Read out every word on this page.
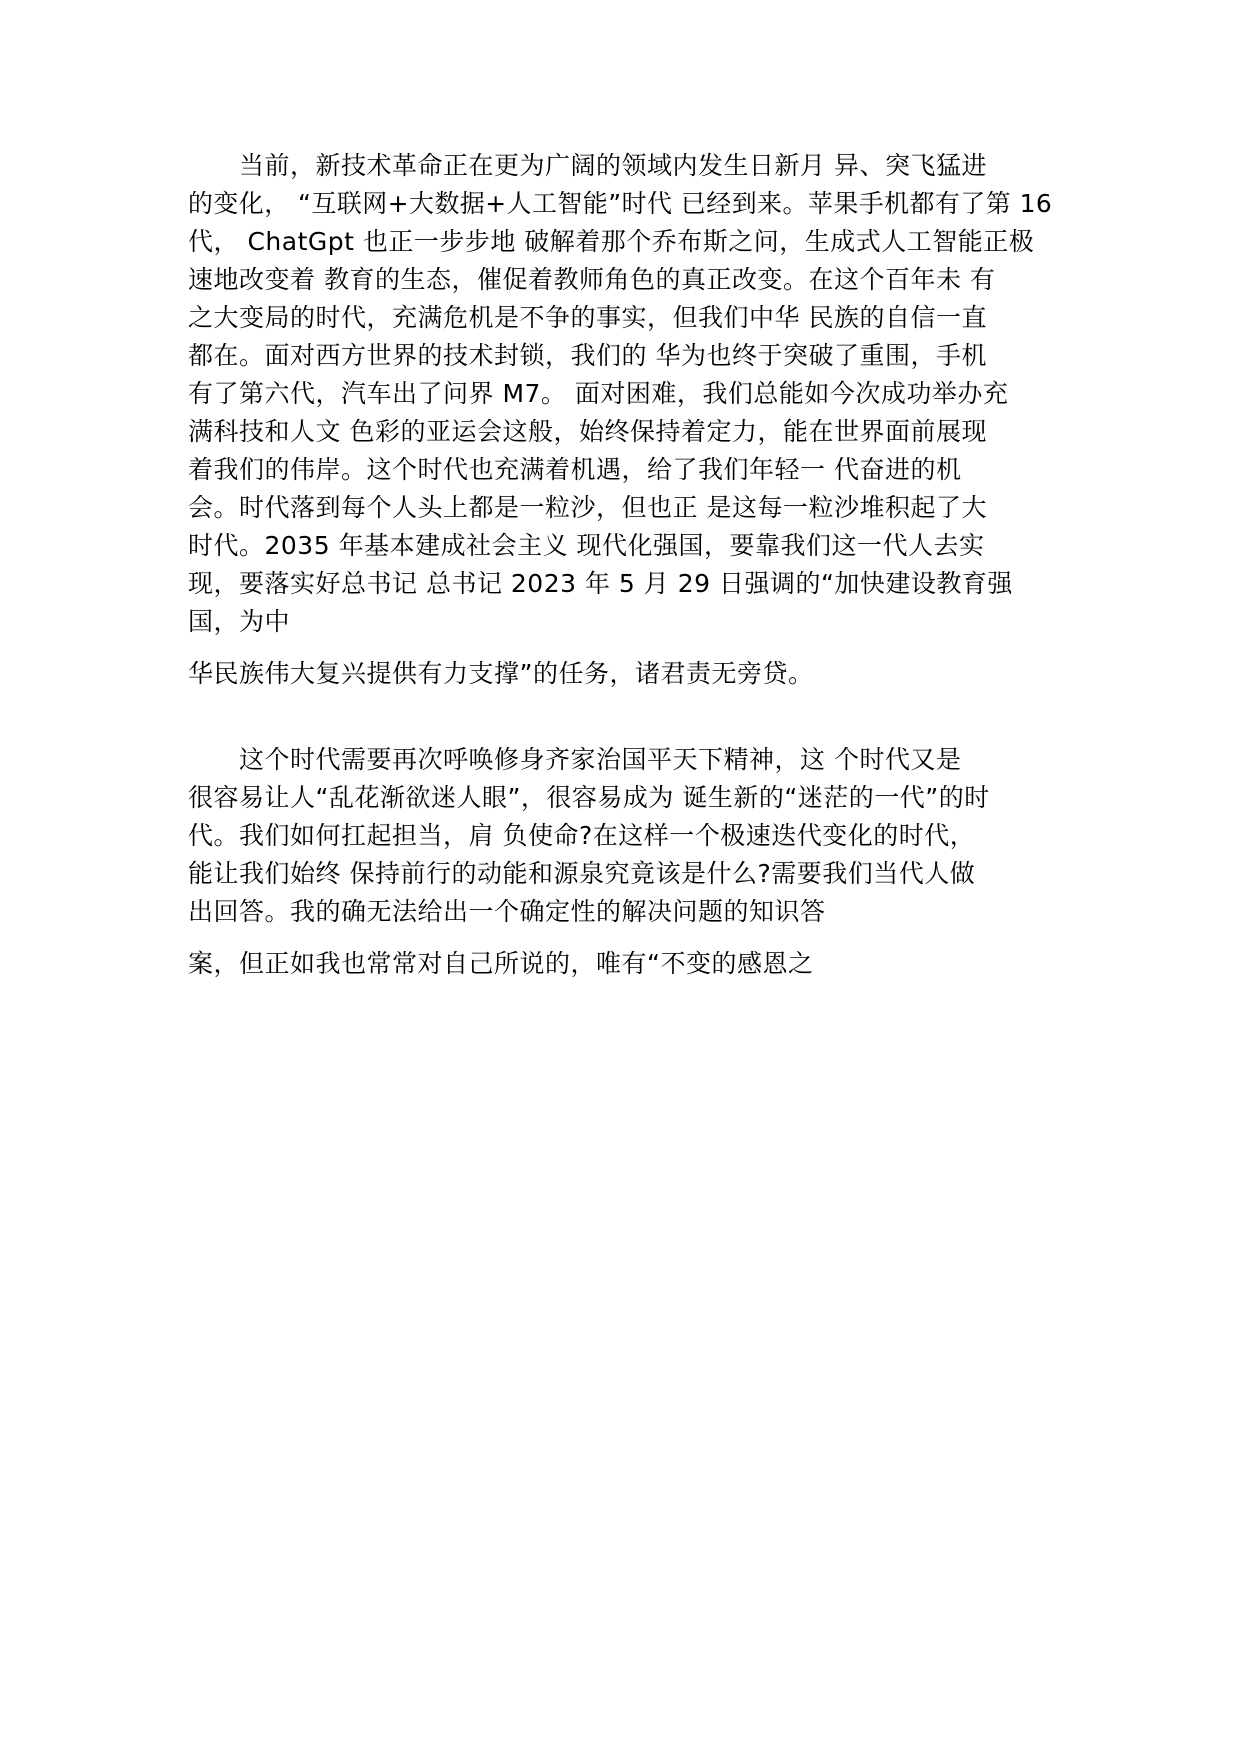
　　当前，新技术革命正在更为广阔的领域内发生日新月 异、突飞猛进

的变化， “互联网+大数据+人工智能”时代 已经到来。苹果手机都有了第 16

代， ChatGpt 也正一步步地 破解着那个乔布斯之问，生成式人工智能正极

速地改变着 教育的生态，催促着教师角色的真正改变。在这个百年未 有

之大变局的时代，充满危机是不争的事实，但我们中华 民族的自信一直

都在。面对西方世界的技术封锁，我们的 华为也终于突破了重围，手机

有了第六代，汽车出了问界 M7。 面对困难，我们总能如今次成功举办充

满科技和人文 色彩的亚运会这般，始终保持着定力，能在世界面前展现

着我们的伟岸。这个时代也充满着机遇，给了我们年轻一 代奋进的机

会。时代落到每个人头上都是一粒沙，但也正 是这每一粒沙堆积起了大

时代。2035 年基本建成社会主义 现代化强国，要靠我们这一代人去实

现，要落实好总书记 总书记 2023 年 5 月 29 日强调的“加快建设教育强

国，为中

华民族伟大复兴提供有力支撑”的任务，诸君责无旁贷。

　　这个时代需要再次呼唤修身齐家治国平天下精神，这 个时代又是

很容易让人“乱花渐欲迷人眼”，很容易成为 诞生新的“迷茫的一代”的时

代。我们如何扛起担当，肩 负使命?在这样一个极速迭代变化的时代，

能让我们始终 保持前行的动能和源泉究竟该是什么?需要我们当代人做

出回答。我的确无法给出一个确定性的解决问题的知识答

案，但正如我也常常对自己所说的，唯有“不变的感恩之
